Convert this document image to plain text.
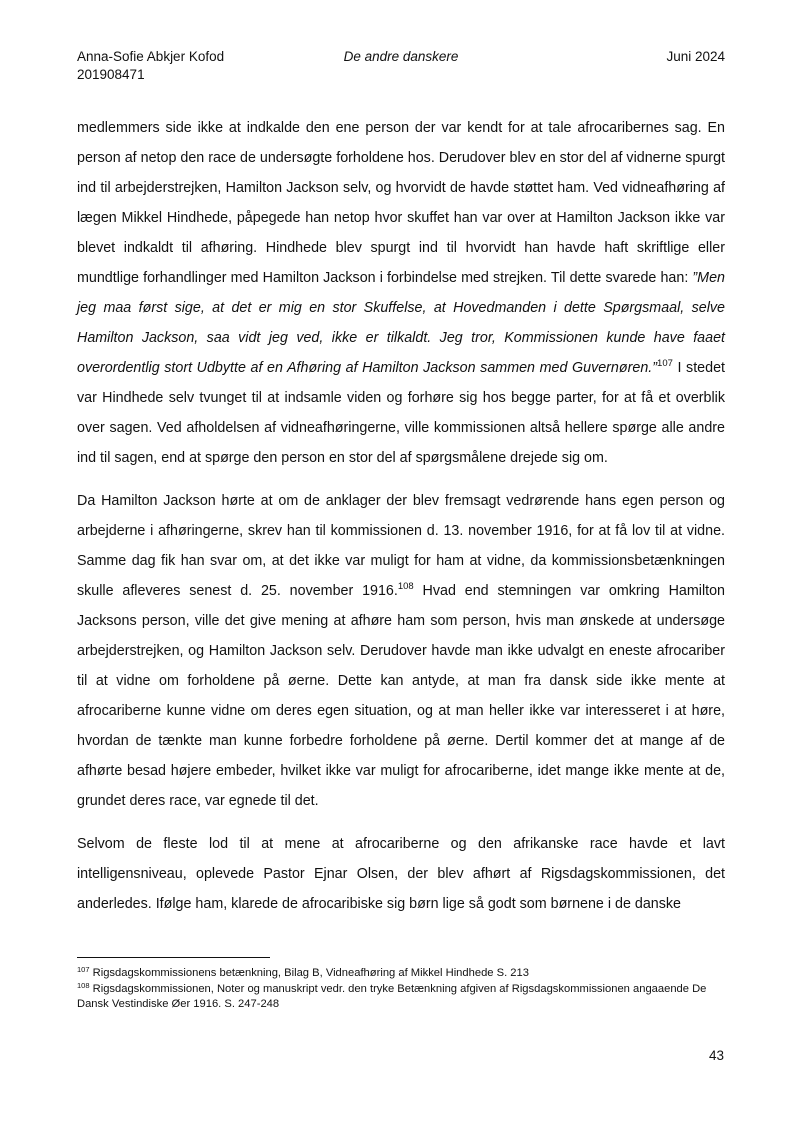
Anna-Sofie Abkjer Kofod
201908471
De andre danskere	Juni 2024

medlemmers side ikke at indkalde den ene person der var kendt for at tale afrocaribernes sag. En person af netop den race de undersøgte forholdene hos. Derudover blev en stor del af vidnerne spurgt ind til arbejderstrejken, Hamilton Jackson selv, og hvorvidt de havde støttet ham. Ved vidneafhøring af lægen Mikkel Hindhede, påpegede han netop hvor skuffet han var over at Hamilton Jackson ikke var blevet indkaldt til afhøring. Hindhede blev spurgt ind til hvorvidt han havde haft skriftlige eller mundtlige forhandlinger med Hamilton Jackson i forbindelse med strejken. Til dette svarede han: ”Men jeg maa først sige, at det er mig en stor Skuffelse, at Hovedmanden i dette Spørgsmaal, selve Hamilton Jackson, saa vidt jeg ved, ikke er tilkaldt. Jeg tror, Kommissionen kunde have faaet overordentlig stort Udbytte af en Afhøring af Hamilton Jackson sammen med Guvernøren.”$^{107}$ I stedet var Hindhede selv tvunget til at indsamle viden og forhøre sig hos begge parter, for at få et overblik over sagen. Ved afholdelsen af vidneafhøringerne, ville kommissionen altså hellere spørge alle andre ind til sagen, end at spørge den person en stor del af spørgsmålene drejede sig om.

Da Hamilton Jackson hørte at om de anklager der blev fremsagt vedrørende hans egen person og arbejderne i afhøringerne, skrev han til kommissionen d. 13. november 1916, for at få lov til at vidne. Samme dag fik han svar om, at det ikke var muligt for ham at vidne, da kommissionsbetænkningen skulle afleveres senest d. 25. november 1916.$^{108}$ Hvad end stemningen var omkring Hamilton Jacksons person, ville det give mening at afhøre ham som person, hvis man ønskede at undersøge arbejderstrejken, og Hamilton Jackson selv. Derudover havde man ikke udvalgt en eneste afrocariber til at vidne om forholdene på øerne. Dette kan antyde, at man fra dansk side ikke mente at afrocariberne kunne vidne om deres egen situation, og at man heller ikke var interesseret i at høre, hvordan de tænkte man kunne forbedre forholdene på øerne. Dertil kommer det at mange af de afhørte besad højere embeder, hvilket ikke var muligt for afrocariberne, idet mange ikke mente at de, grundet deres race, var egnede til det.

Selvom de fleste lod til at mene at afrocariberne og den afrikanske race havde et lavt intelligensniveau, oplevede Pastor Ejnar Olsen, der blev afhørt af Rigsdagskommissionen, det anderledes. Ifølge ham, klarede de afrocaribiske sig børn lige så godt som børnene i de danske

$^{107}$ Rigsdagskommissionens betænkning, Bilag B, Vidneafhøring af Mikkel Hindhede S. 213
$^{108}$ Rigsdagskommissionen, Noter og manuskript vedr. den tryke Betænkning afgiven af Rigsdagskommissionen angaaende De Dansk Vestindiske Øer 1916. S. 247-248
43
